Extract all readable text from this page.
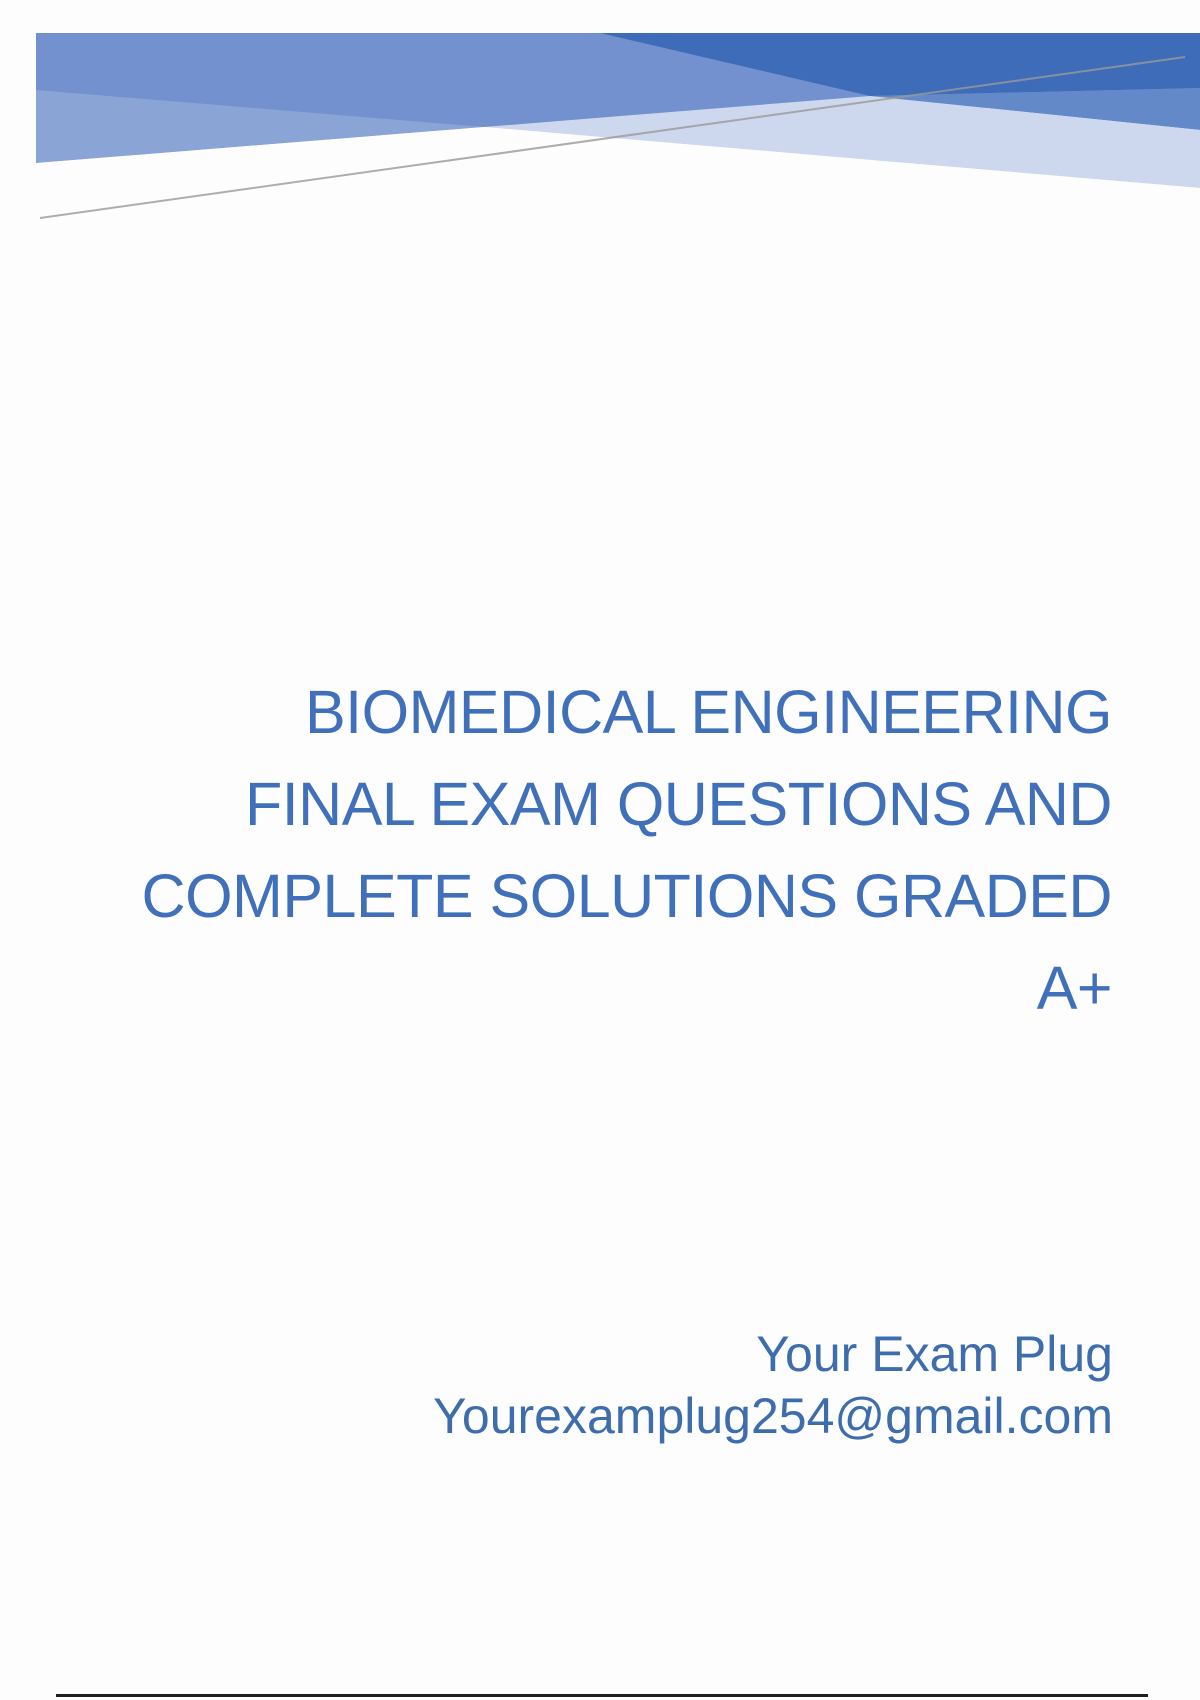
BIOMEDICAL ENGINEERING
FINAL EXAM QUESTIONS AND
COMPLETE SOLUTIONS GRADED
A+
Your Exam Plug
Yourexamplug254@gmail.com
